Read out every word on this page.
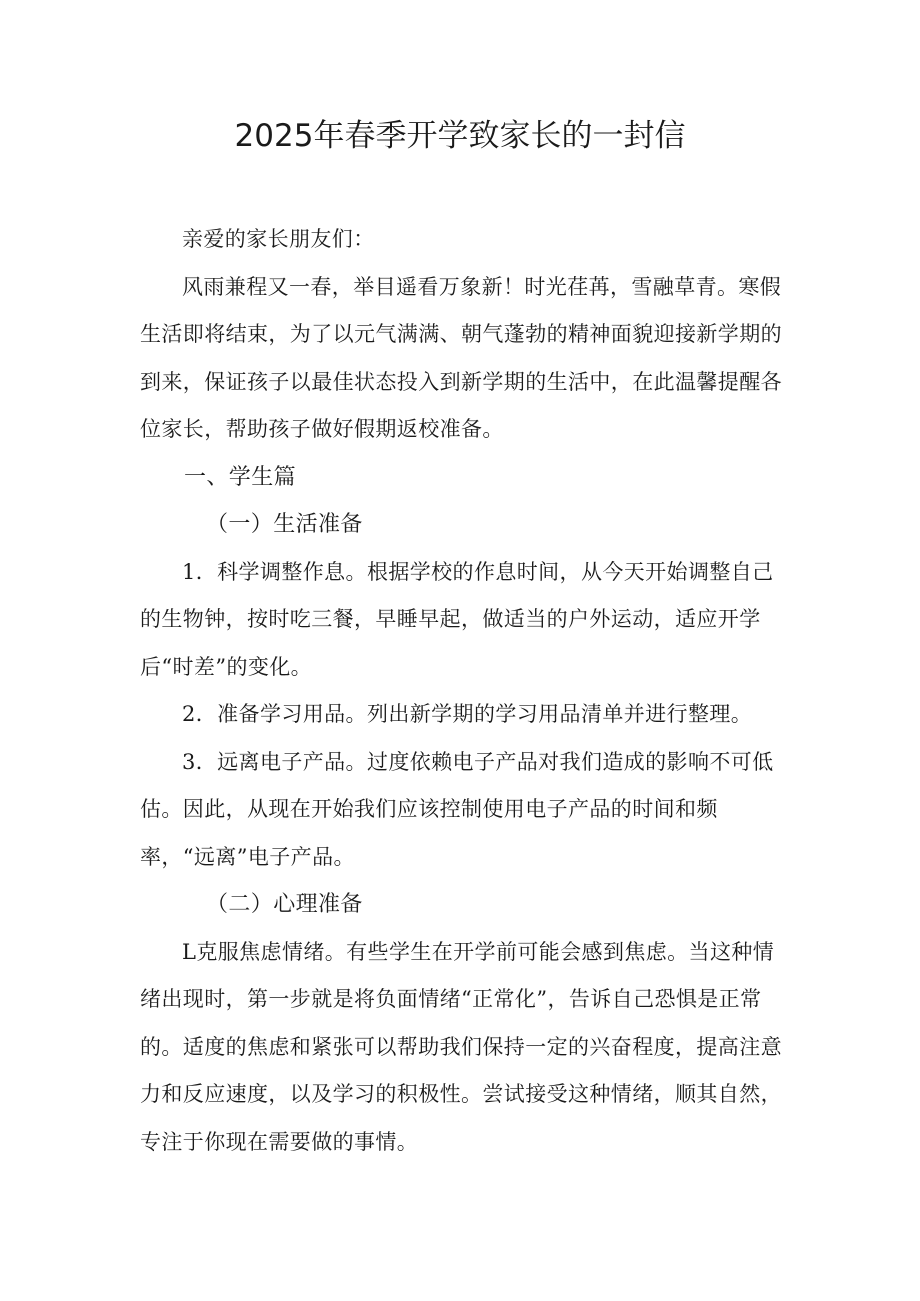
2025年春季开学致家长的一封信

亲爱的家长朋友们：

风雨兼程又一春，举目遥看万象新！时光荏苒，雪融草青。寒假生活即将结束，为了以元气满满、朝气蓬勃的精神面貌迎接新学期的到来，保证孩子以最佳状态投入到新学期的生活中，在此温馨提醒各位家长，帮助孩子做好假期返校准备。

一、学生篇

（一）生活准备

1．科学调整作息。根据学校的作息时间，从今天开始调整自己的生物钟，按时吃三餐，早睡早起，做适当的户外运动，适应开学后“时差”的变化。

2．准备学习用品。列出新学期的学习用品清单并进行整理。

3．远离电子产品。过度依赖电子产品对我们造成的影响不可低估。因此，从现在开始我们应该控制使用电子产品的时间和频率，“远离”电子产品。

（二）心理准备

L克服焦虑情绪。有些学生在开学前可能会感到焦虑。当这种情绪出现时，第一步就是将负面情绪“正常化”，告诉自己恐惧是正常的。适度的焦虑和紧张可以帮助我们保持一定的兴奋程度，提高注意力和反应速度，以及学习的积极性。尝试接受这种情绪，顺其自然，专注于你现在需要做的事情。
